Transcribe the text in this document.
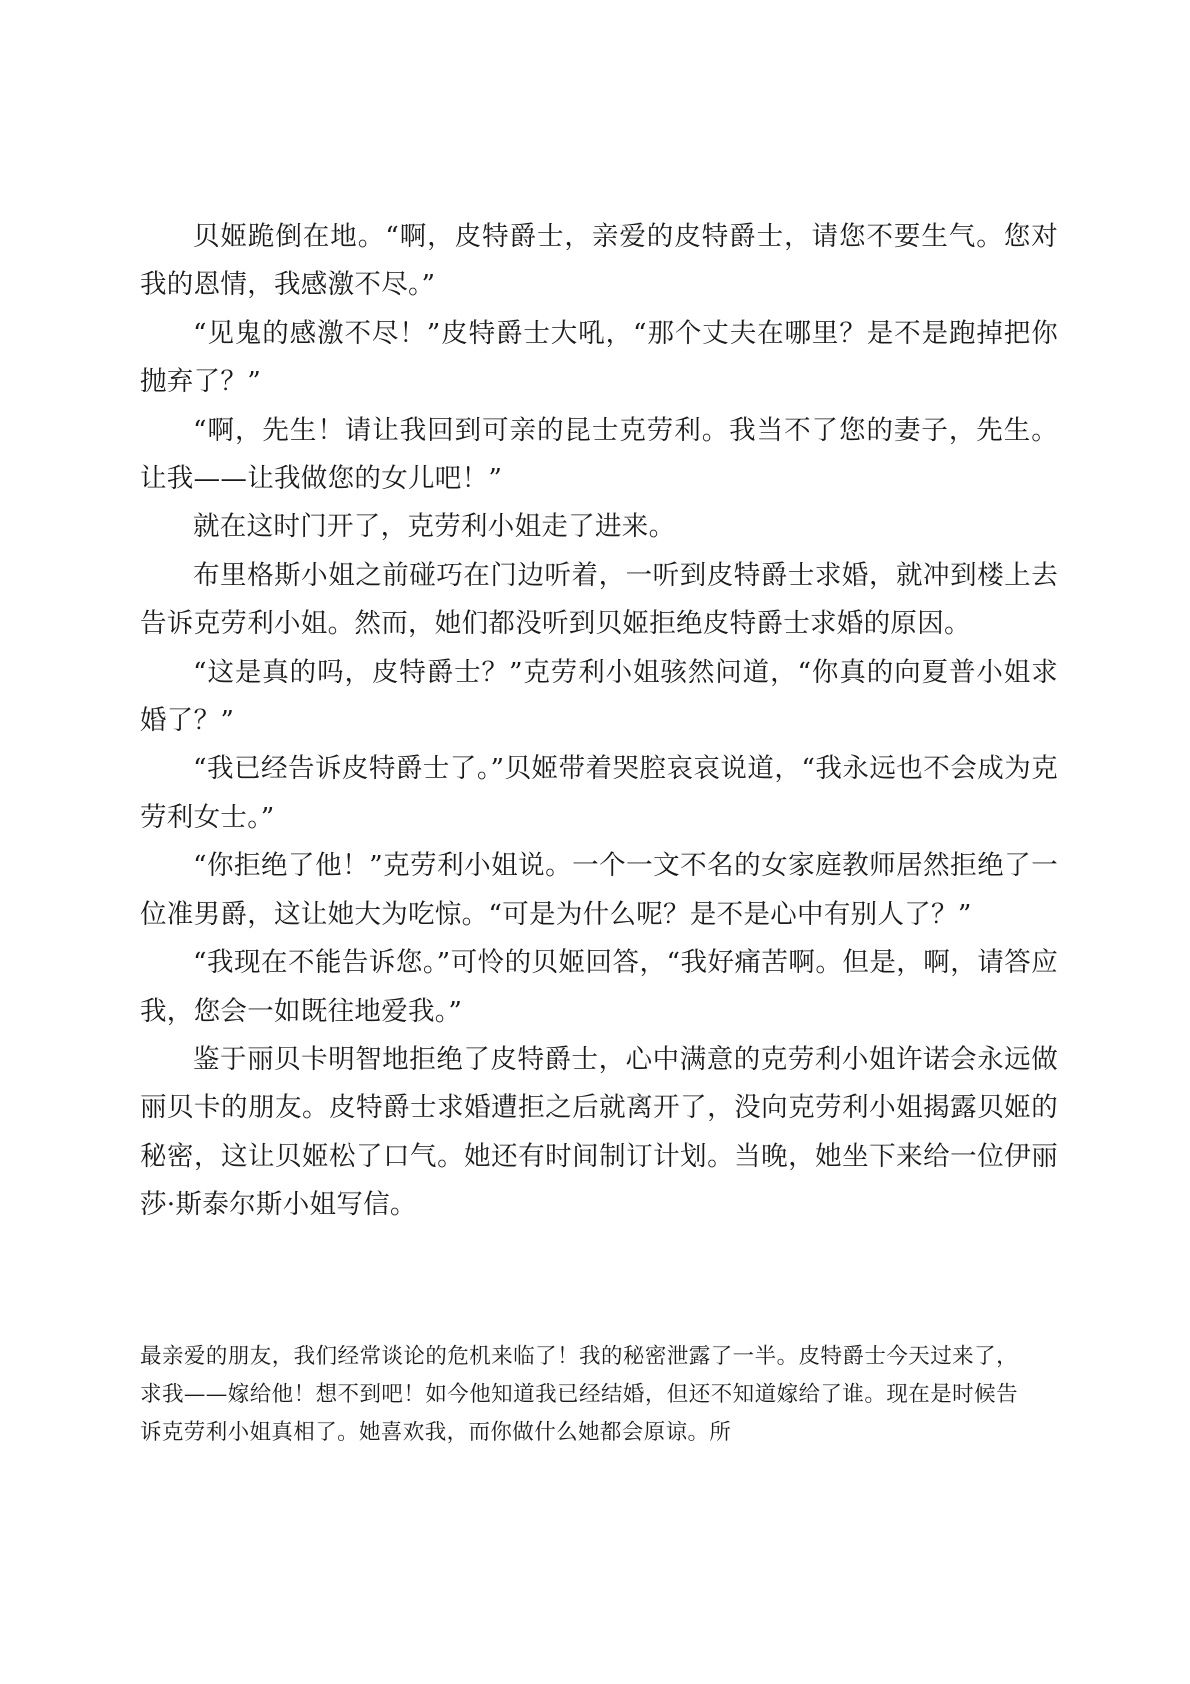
贝姬跪倒在地。“啊，皮特爵士，亲爱的皮特爵士，请您不要生气。您对我的恩情，我感激不尽。”

“见鬼的感激不尽！”皮特爵士大吼，“那个丈夫在哪里？是不是跑掉把你抛弃了？”

“啊，先生！请让我回到可亲的昆士克劳利。我当不了您的妻子，先生。让我——让我做您的女儿吧！”

就在这时门开了，克劳利小姐走了进来。

布里格斯小姐之前碰巧在门边听着，一听到皮特爵士求婚，就冲到楼上去告诉克劳利小姐。然而，她们都没听到贝姬拒绝皮特爵士求婚的原因。

“这是真的吗，皮特爵士？”克劳利小姐骇然问道，“你真的向夏普小姐求婚了？”

“我已经告诉皮特爵士了。”贝姬带着哭腔哀哀说道，“我永远也不会成为克劳利女士。”

“你拒绝了他！”克劳利小姐说。一个一文不名的女家庭教师居然拒绝了一位准男爵，这让她大为吃惊。“可是为什么呢？是不是心中有别人了？”

“我现在不能告诉您。”可怜的贝姬回答，“我好痛苦啊。但是，啊，请答应我，您会一如既往地爱我。”

鉴于丽贝卡明智地拒绝了皮特爵士，心中满意的克劳利小姐许诺会永远做丽贝卡的朋友。皮特爵士求婚遭拒之后就离开了，没向克劳利小姐揭露贝姬的秘密，这让贝姬松了口气。她还有时间制订计划。当晚，她坐下来给一位伊丽莎·斯泰尔斯小姐写信。

最亲爱的朋友，我们经常谈论的危机来临了！我的秘密泄露了一半。皮特爵士今天过来了，求我——嫁给他！想不到吧！如今他知道我已经结婚，但还不知道嫁给了谁。现在是时候告诉克劳利小姐真相了。她喜欢我，而你做什么她都会原谅。所
